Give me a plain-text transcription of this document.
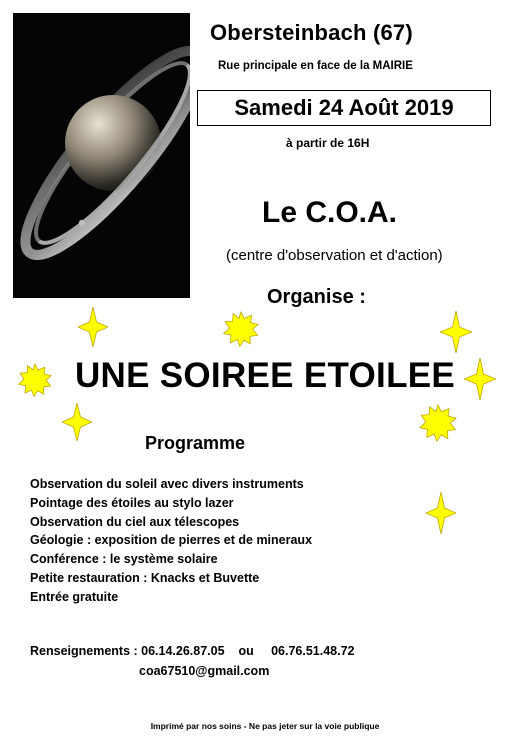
Obersteinbach (67)
Rue principale en face de la MAIRIE
Samedi 24 Août 2019
à partir de 16H
Le C.O.A.
(centre d'observation et d'action)
Organise :
UNE SOIREE ETOILEE
Programme
Observation du soleil avec divers instruments
Pointage des étoiles au stylo lazer
Observation du ciel aux télescopes
Géologie : exposition de pierres et de mineraux
Conférence : le système solaire
Petite restauration : Knacks et Buvette
Entrée gratuite
Renseignements : 06.14.26.87.05    ou     06.76.51.48.72
coa67510@gmail.com
Imprimé par nos soins - Ne pas jeter sur la voie publique
